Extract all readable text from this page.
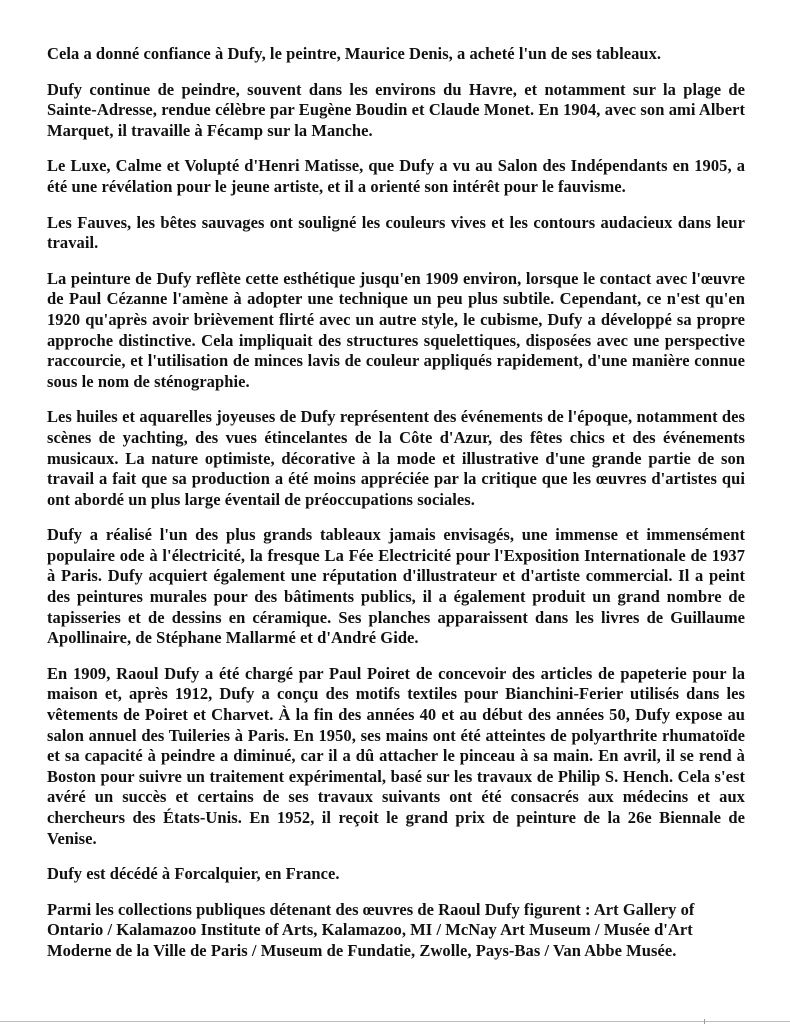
Cela a donné confiance à Dufy, le peintre, Maurice Denis, a acheté l'un de ses tableaux.

Dufy continue de peindre, souvent dans les environs du Havre, et notamment sur la plage de Sainte-Adresse, rendue célèbre par Eugène Boudin et Claude Monet. En 1904, avec son ami Albert Marquet, il travaille à Fécamp sur la Manche.

Le Luxe, Calme et Volupté d'Henri Matisse, que Dufy a vu au Salon des Indépendants en 1905, a été une révélation pour le jeune artiste, et il a orienté son intérêt pour le fauvisme.

Les Fauves, les bêtes sauvages ont souligné les couleurs vives et les contours audacieux dans leur travail.

La peinture de Dufy reflète cette esthétique jusqu'en 1909 environ, lorsque le contact avec l'œuvre de Paul Cézanne l'amène à adopter une technique un peu plus subtile. Cependant, ce n'est qu'en 1920 qu'après avoir brièvement flirté avec un autre style, le cubisme, Dufy a développé sa propre approche distinctive. Cela impliquait des structures squelettiques, disposées avec une perspective raccourcie, et l'utilisation de minces lavis de couleur appliqués rapidement, d'une manière connue sous le nom de sténographie.

Les huiles et aquarelles joyeuses de Dufy représentent des événements de l'époque, notamment des scènes de yachting, des vues étincelantes de la Côte d'Azur, des fêtes chics et des événements musicaux. La nature optimiste, décorative à la mode et illustrative d'une grande partie de son travail a fait que sa production a été moins appréciée par la critique que les œuvres d'artistes qui ont abordé un plus large éventail de préoccupations sociales.

Dufy a réalisé l'un des plus grands tableaux jamais envisagés, une immense et immensément populaire ode à l'électricité, la fresque La Fée Electricité pour l'Exposition Internationale de 1937 à Paris. Dufy acquiert également une réputation d'illustrateur et d'artiste commercial. Il a peint des peintures murales pour des bâtiments publics, il a également produit un grand nombre de tapisseries et de dessins en céramique. Ses planches apparaissent dans les livres de Guillaume Apollinaire, de Stéphane Mallarmé et d'André Gide.

En 1909, Raoul Dufy a été chargé par Paul Poiret de concevoir des articles de papeterie pour la maison et, après 1912, Dufy a conçu des motifs textiles pour Bianchini-Ferier utilisés dans les vêtements de Poiret et Charvet. À la fin des années 40 et au début des années 50, Dufy expose au salon annuel des Tuileries à Paris. En 1950, ses mains ont été atteintes de polyarthrite rhumatoïde et sa capacité à peindre a diminué, car il a dû attacher le pinceau à sa main. En avril, il se rend à Boston pour suivre un traitement expérimental, basé sur les travaux de Philip S. Hench. Cela s'est avéré un succès et certains de ses travaux suivants ont été consacrés aux médecins et aux chercheurs des États-Unis. En 1952, il reçoit le grand prix de peinture de la 26e Biennale de Venise.

Dufy est décédé à Forcalquier, en France.

Parmi les collections publiques détenant des œuvres de Raoul Dufy figurent : Art Gallery of Ontario / Kalamazoo Institute of Arts, Kalamazoo, MI / McNay Art Museum / Musée d'Art Moderne de la Ville de Paris / Museum de Fundatie, Zwolle, Pays-Bas / Van Abbe Musée.
